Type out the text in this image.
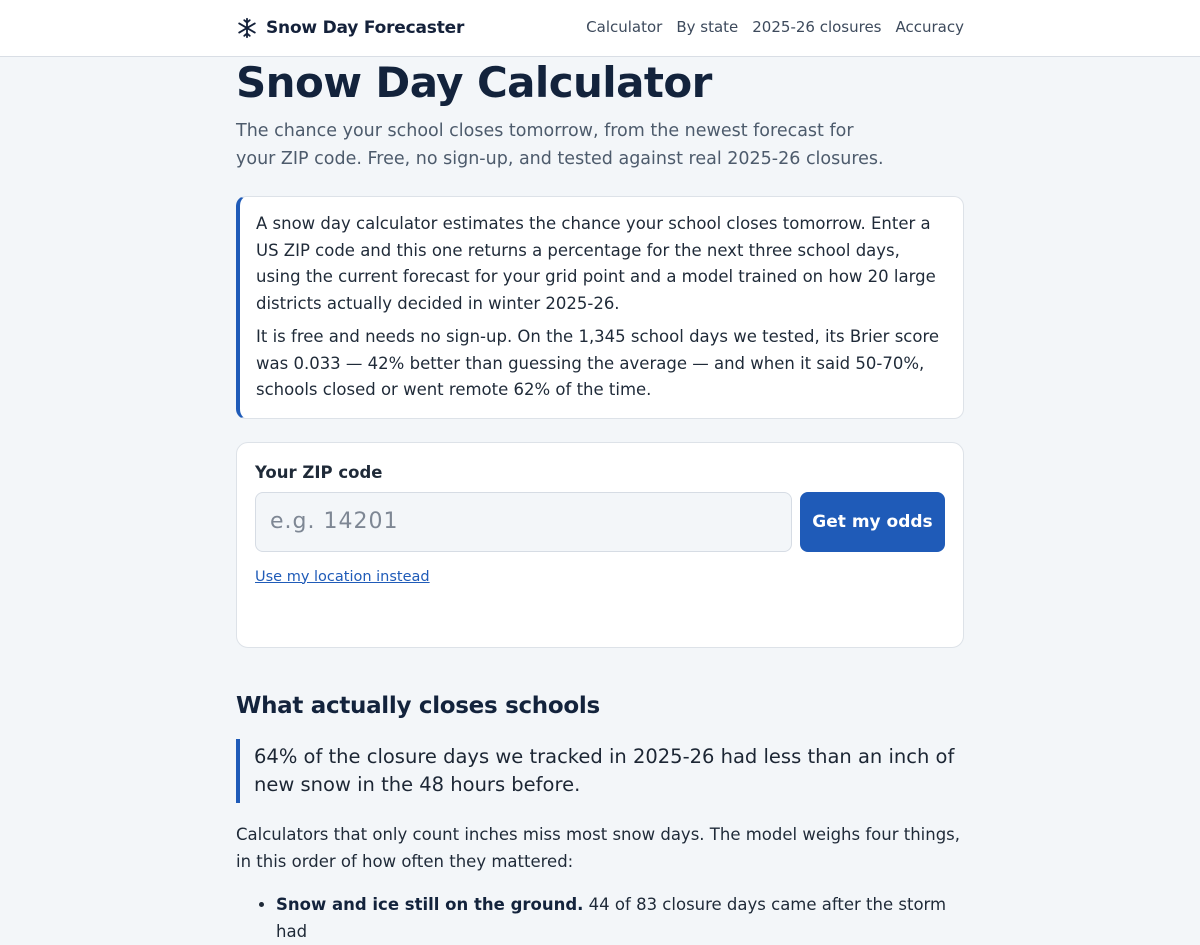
Snow Day Forecaster	Calculator By state 2025-26 closures Accuracy
Snow Day Calculator

The chance your school closes tomorrow, from the newest forecast for your ZIP code. Free, no sign-up, and tested against real 2025-26 closures.

A snow day calculator estimates the chance your school closes tomorrow. Enter a US ZIP code and this one returns a percentage for the next three school days, using the current forecast for your grid point and a model trained on how 20 large districts actually decided in winter 2025-26.

It is free and needs no sign-up. On the 1,345 school days we tested, its Brier score was 0.033 — 42% better than guessing the average — and when it said 50-70%, schools closed or went remote 62% of the time.

Your ZIP code
e.g. 14201
Get my odds
Use my location instead
What actually closes schools
64% of the closure days we tracked in 2025-26 had less than an inch of new snow in the 48 hours before.

Calculators that only count inches miss most snow days. The model weighs four things, in this order of how often they mattered:

• Snow and ice still on the ground. 44 of 83 closure days came after the storm had
